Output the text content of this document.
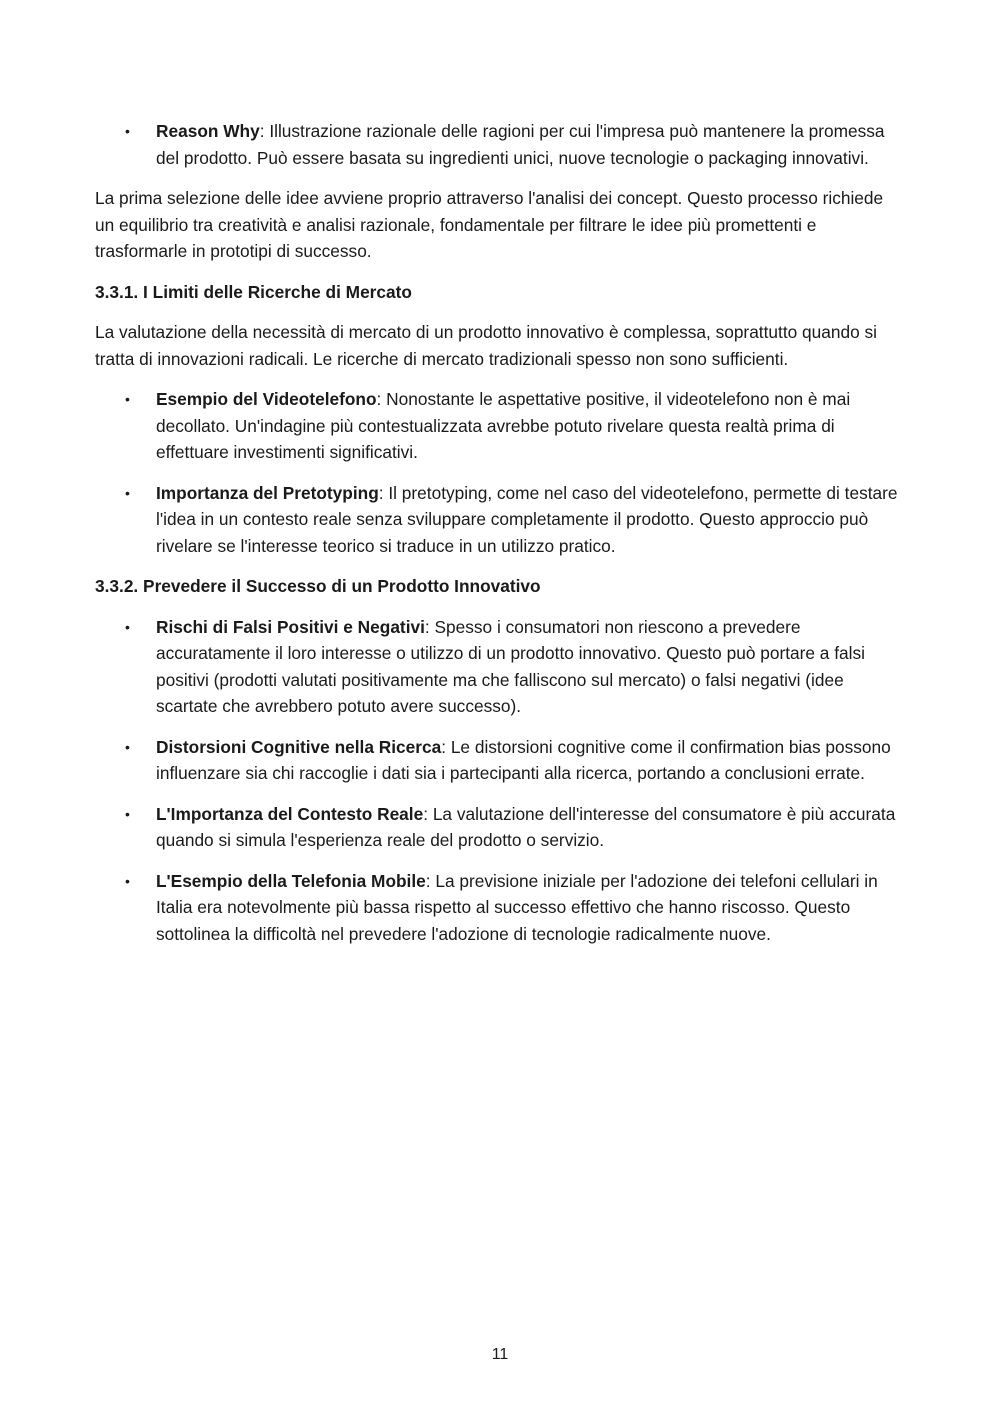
• Reason Why: Illustrazione razionale delle ragioni per cui l'impresa può mantenere la promessa del prodotto. Può essere basata su ingredienti unici, nuove tecnologie o packaging innovativi.

La prima selezione delle idee avviene proprio attraverso l'analisi dei concept. Questo processo richiede un equilibrio tra creatività e analisi razionale, fondamentale per filtrare le idee più promettenti e trasformarle in prototipi di successo.

3.3.1. I Limiti delle Ricerche di Mercato

La valutazione della necessità di mercato di un prodotto innovativo è complessa, soprattutto quando si tratta di innovazioni radicali. Le ricerche di mercato tradizionali spesso non sono sufficienti.

• Esempio del Videotelefono: Nonostante le aspettative positive, il videotelefono non è mai decollato. Un'indagine più contestualizzata avrebbe potuto rivelare questa realtà prima di effettuare investimenti significativi.
• Importanza del Pretotyping: Il pretotyping, come nel caso del videotelefono, permette di testare l'idea in un contesto reale senza sviluppare completamente il prodotto. Questo approccio può rivelare se l'interesse teorico si traduce in un utilizzo pratico.
3.3.2. Prevedere il Successo di un Prodotto Innovativo
• Rischi di Falsi Positivi e Negativi: Spesso i consumatori non riescono a prevedere accuratamente il loro interesse o utilizzo di un prodotto innovativo. Questo può portare a falsi positivi (prodotti valutati positivamente ma che falliscono sul mercato) o falsi negativi (idee scartate che avrebbero potuto avere successo).
• Distorsioni Cognitive nella Ricerca: Le distorsioni cognitive come il confirmation bias possono influenzare sia chi raccoglie i dati sia i partecipanti alla ricerca, portando a conclusioni errate.
• L'Importanza del Contesto Reale: La valutazione dell'interesse del consumatore è più accurata quando si simula l'esperienza reale del prodotto o servizio.
• L'Esempio della Telefonia Mobile: La previsione iniziale per l'adozione dei telefoni cellulari in Italia era notevolmente più bassa rispetto al successo effettivo che hanno riscosso. Questo sottolinea la difficoltà nel prevedere l'adozione di tecnologie radicalmente nuove.
11
